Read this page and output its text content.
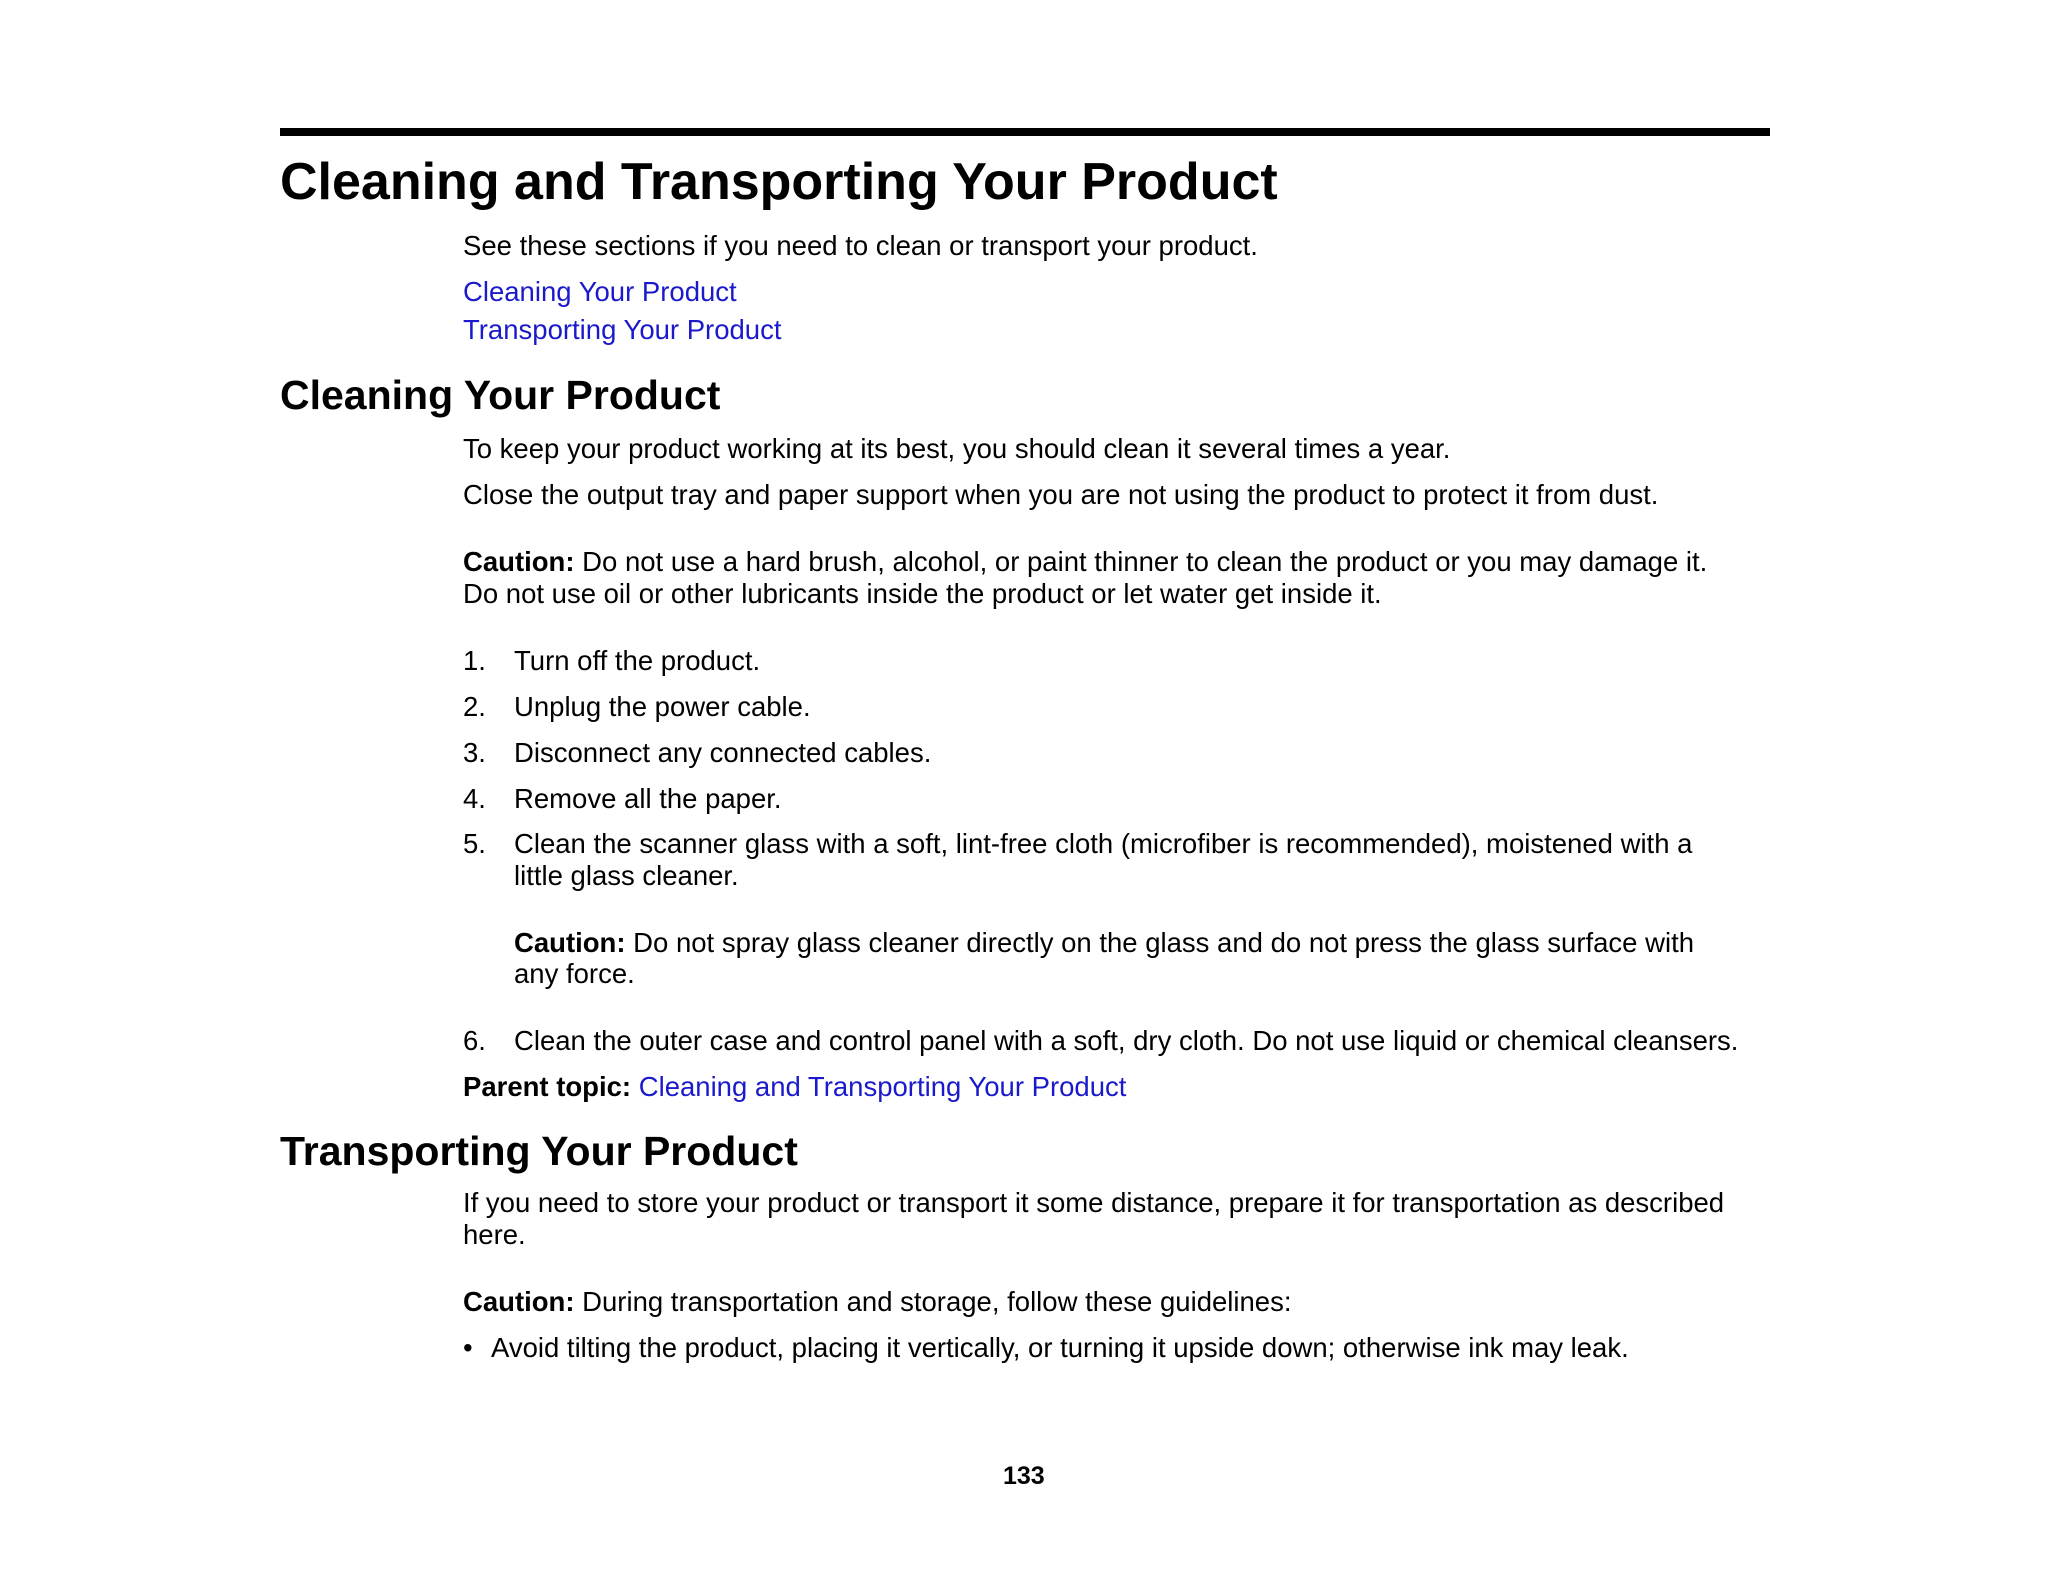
Cleaning and Transporting Your Product
See these sections if you need to clean or transport your product.
Cleaning Your Product
Transporting Your Product
Cleaning Your Product
To keep your product working at its best, you should clean it several times a year.
Close the output tray and paper support when you are not using the product to protect it from dust.
Caution: Do not use a hard brush, alcohol, or paint thinner to clean the product or you may damage it.
Do not use oil or other lubricants inside the product or let water get inside it.
1. Turn off the product.
2. Unplug the power cable.
3. Disconnect any connected cables.
4. Remove all the paper.
5. Clean the scanner glass with a soft, lint-free cloth (microfiber is recommended), moistened with a
little glass cleaner.
Caution: Do not spray glass cleaner directly on the glass and do not press the glass surface with
any force.
6. Clean the outer case and control panel with a soft, dry cloth. Do not use liquid or chemical cleansers.
Parent topic: Cleaning and Transporting Your Product
Transporting Your Product
If you need to store your product or transport it some distance, prepare it for transportation as described
here.
Caution: During transportation and storage, follow these guidelines:
• Avoid tilting the product, placing it vertically, or turning it upside down; otherwise ink may leak.
133
